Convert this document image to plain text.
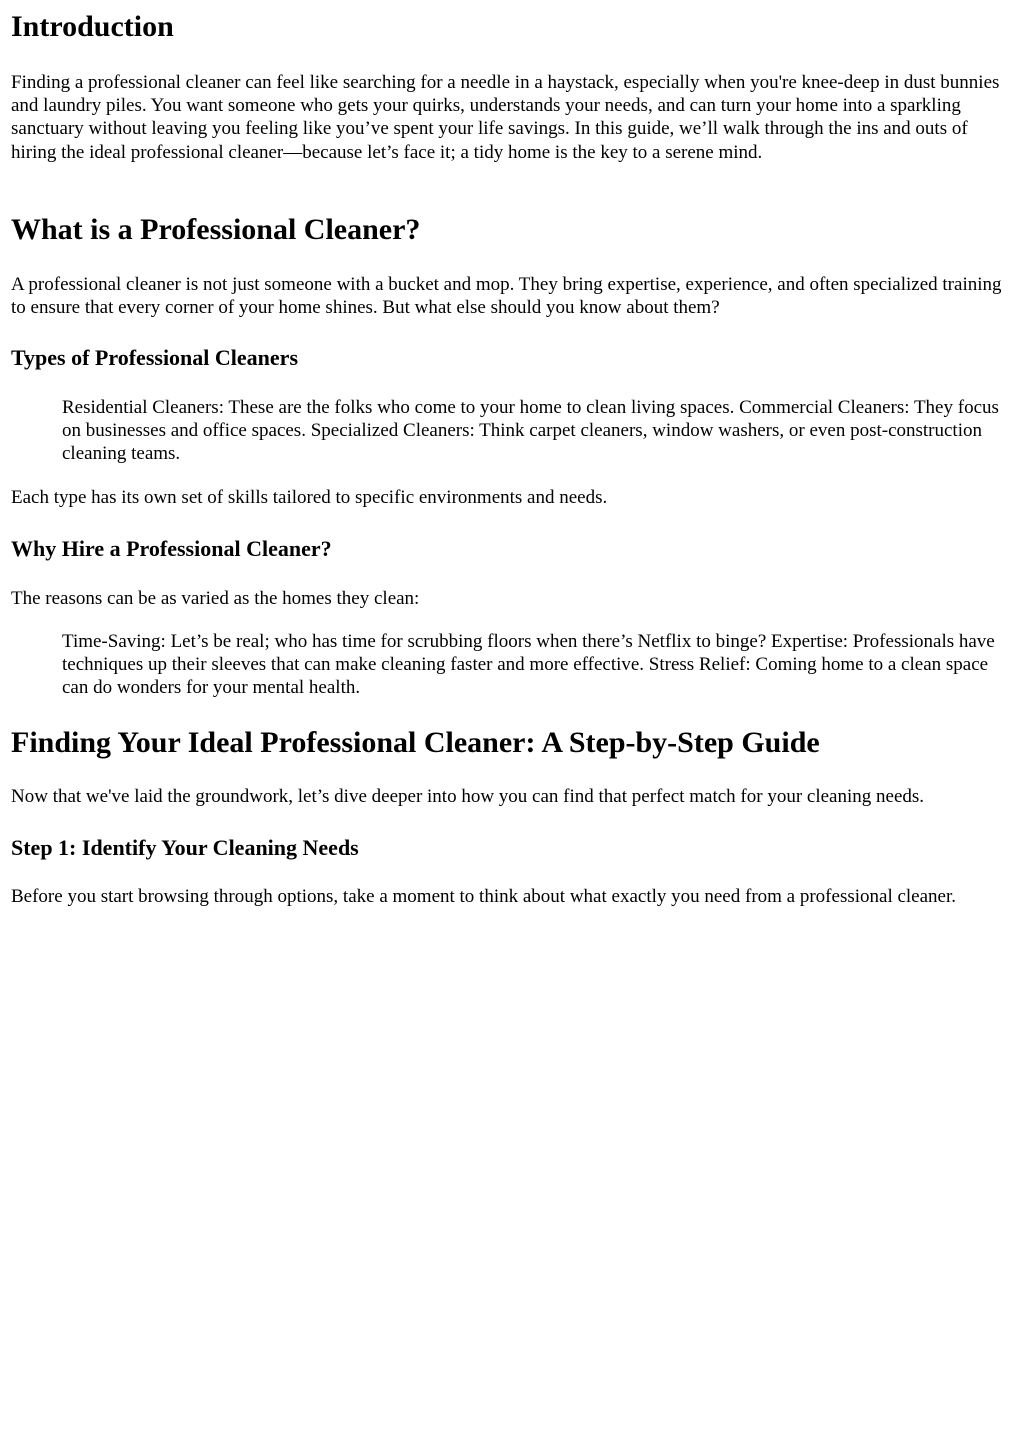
Introduction

Finding a professional cleaner can feel like searching for a needle in a haystack, especially when you're knee-deep in dust bunnies and laundry piles. You want someone who gets your quirks, understands your needs, and can turn your home into a sparkling sanctuary without leaving you feeling like you’ve spent your life savings. In this guide, we’ll walk through the ins and outs of hiring the ideal professional cleaner—because let’s face it; a tidy home is the key to a serene mind.

What is a Professional Cleaner?

A professional cleaner is not just someone with a bucket and mop. They bring expertise, experience, and often specialized training to ensure that every corner of your home shines. But what else should you know about them?

Types of Professional Cleaners
Residential Cleaners: These are the folks who come to your home to clean living spaces. Commercial Cleaners: They focus on businesses and office spaces. Specialized Cleaners: Think carpet cleaners, window washers, or even post-construction cleaning teams.

Each type has its own set of skills tailored to specific environments and needs.

Why Hire a Professional Cleaner?

The reasons can be as varied as the homes they clean:

Time-Saving: Let’s be real; who has time for scrubbing floors when there’s Netflix to binge? Expertise: Professionals have techniques up their sleeves that can make cleaning faster and more effective. Stress Relief: Coming home to a clean space can do wonders for your mental health.
Finding Your Ideal Professional Cleaner: A Step-by-Step Guide

Now that we've laid the groundwork, let’s dive deeper into how you can find that perfect match for your cleaning needs.

Step 1: Identify Your Cleaning Needs

Before you start browsing through options, take a moment to think about what exactly you need from a professional cleaner.
